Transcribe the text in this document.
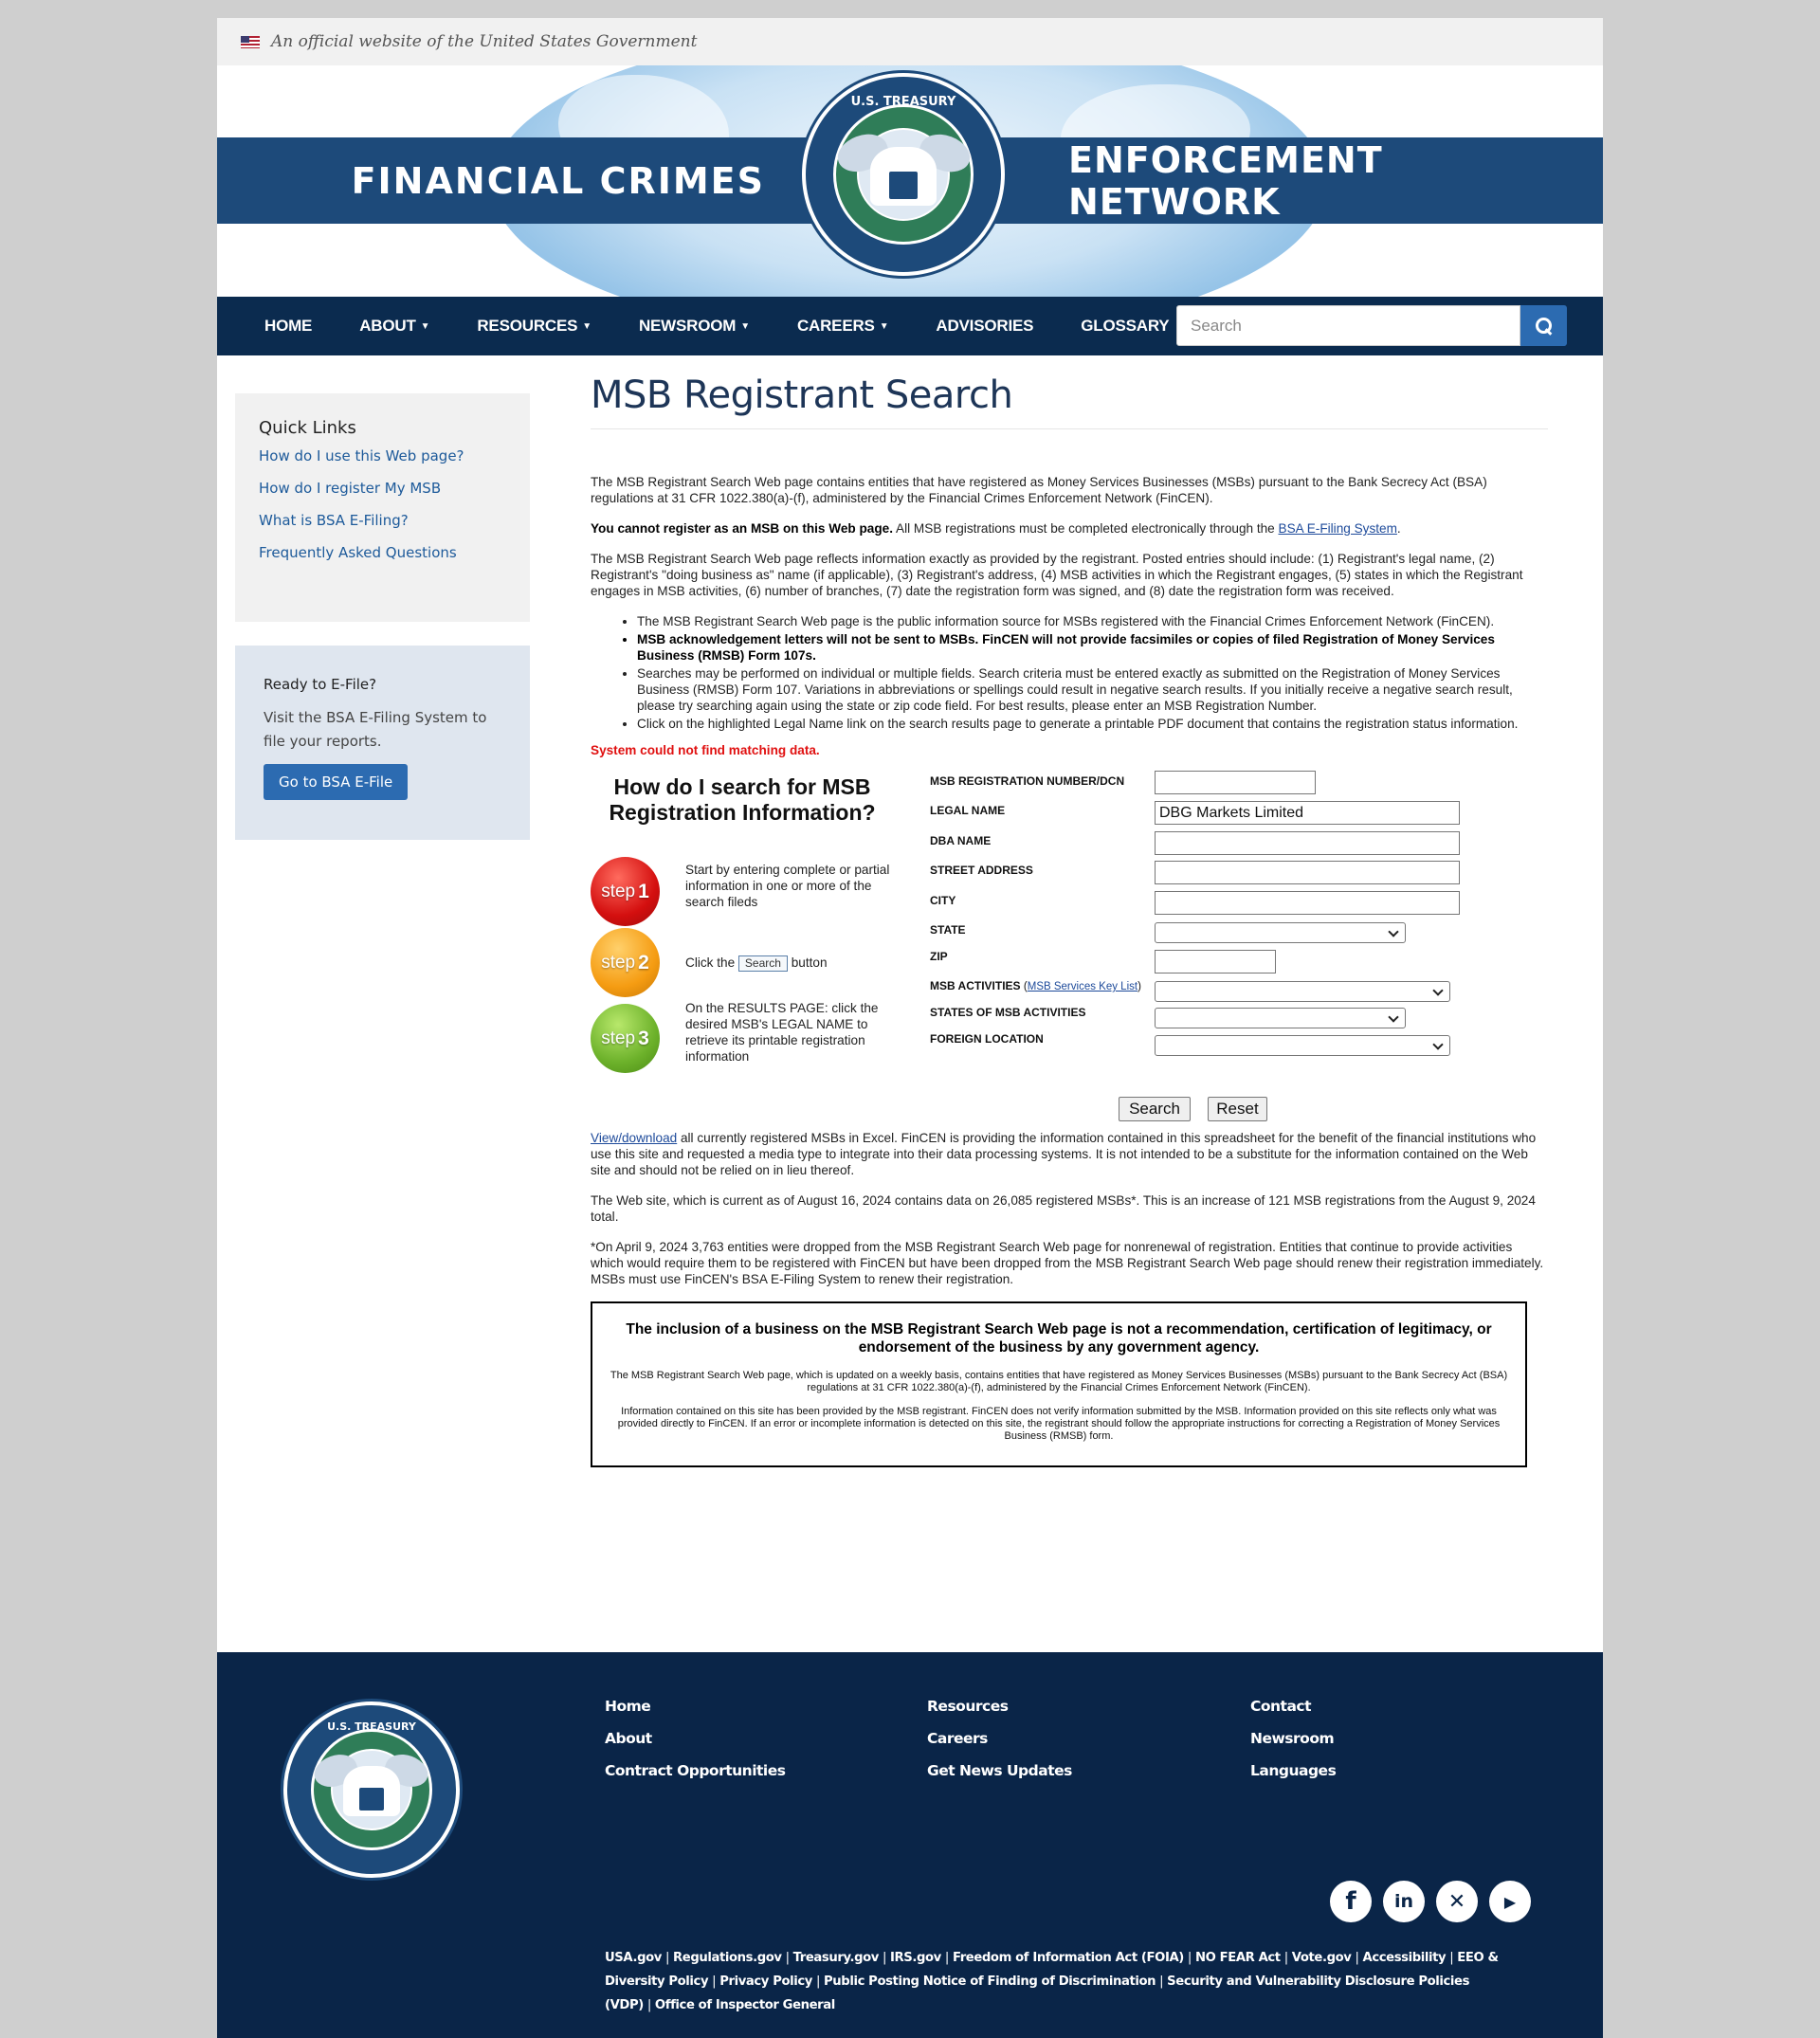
An official website of the United States Government
FINANCIAL CRIMES	ENFORCEMENT NETWORK
U.S. TREASURY
HOME	ABOUT ▼	RESOURCES ▼	NEWSROOM ▼	CAREERS ▼	ADVISORIES	GLOSSARY	Search
Quick Links
How do I use this Web page?
How do I register My MSB
What is BSA E-Filing?
Frequently Asked Questions
Ready to E-File?

Visit the BSA E-Filing System to file your reports.

Go to BSA E-File
MSB Registrant Search

The MSB Registrant Search Web page contains entities that have registered as Money Services Businesses (MSBs) pursuant to the Bank Secrecy Act (BSA) regulations at 31 CFR 1022.380(a)-(f), administered by the Financial Crimes Enforcement Network (FinCEN).

You cannot register as an MSB on this Web page. All MSB registrations must be completed electronically through the BSA E-Filing System.

The MSB Registrant Search Web page reflects information exactly as provided by the registrant. Posted entries should include: (1) Registrant's legal name, (2) Registrant's "doing business as" name (if applicable), (3) Registrant's address, (4) MSB activities in which the Registrant engages, (5) states in which the Registrant engages in MSB activities, (6) number of branches, (7) date the registration form was signed, and (8) date the registration form was received.

• The MSB Registrant Search Web page is the public information source for MSBs registered with the Financial Crimes Enforcement Network (FinCEN).
• MSB acknowledgement letters will not be sent to MSBs. FinCEN will not provide facsimiles or copies of filed Registration of Money Services Business (RMSB) Form 107s.
• Searches may be performed on individual or multiple fields. Search criteria must be entered exactly as submitted on the Registration of Money Services Business (RMSB) Form 107. Variations in abbreviations or spellings could result in negative search results. If you initially receive a negative search result, please try searching again using the state or zip code field. For best results, please enter an MSB Registration Number.
• Click on the highlighted Legal Name link on the search results page to generate a printable PDF document that contains the registration status information.
System could not find matching data.
How do I search for MSB Registration Information?
step 1
Start by entering complete or partial information in one or more of the search fileds
step 2	Click the Search button
step 3
On the RESULTS PAGE: click the desired MSB's LEGAL NAME to retrieve its printable registration information
MSB REGISTRATION NUMBER/DCN
LEGAL NAME	DBG Markets Limited
DBA NAME
STREET ADDRESS
CITY
STATE
ZIP
MSB ACTIVITIES (MSB Services Key List)
STATES OF MSB ACTIVITIES
FOREIGN LOCATION
Search	Reset

View/download all currently registered MSBs in Excel. FinCEN is providing the information contained in this spreadsheet for the benefit of the financial institutions who use this site and requested a media type to integrate into their data processing systems. It is not intended to be a substitute for the information contained on the Web site and should not be relied on in lieu thereof.

The Web site, which is current as of August 16, 2024 contains data on 26,085 registered MSBs*. This is an increase of 121 MSB registrations from the August 9, 2024 total.

*On April 9, 2024 3,763 entities were dropped from the MSB Registrant Search Web page for nonrenewal of registration. Entities that continue to provide activities which would require them to be registered with FinCEN but have been dropped from the MSB Registrant Search Web page should renew their registration immediately. MSBs must use FinCEN's BSA E-Filing System to renew their registration.

The inclusion of a business on the MSB Registrant Search Web page is not a recommendation, certification of legitimacy, or endorsement of the business by any government agency.

The MSB Registrant Search Web page, which is updated on a weekly basis, contains entities that have registered as Money Services Businesses (MSBs) pursuant to the Bank Secrecy Act (BSA) regulations at 31 CFR 1022.380(a)-(f), administered by the Financial Crimes Enforcement Network (FinCEN).

Information contained on this site has been provided by the MSB registrant. FinCEN does not verify information submitted by the MSB. Information provided on this site reflects only what was provided directly to FinCEN. If an error or incomplete information is detected on this site, the registrant should follow the appropriate instructions for correcting a Registration of Money Services Business (RMSB) form.

U.S. TREASURY
Home
About
Contract Opportunities
Resources
Careers
Get News Updates
Contact
Newsroom
Languages
f	in	✕	▶
USA.gov | Regulations.gov | Treasury.gov | IRS.gov | Freedom of Information Act (FOIA) | NO FEAR Act | Vote.gov | Accessibility | EEO & Diversity Policy | Privacy Policy | Public Posting Notice of Finding of Discrimination | Security and Vulnerability Disclosure Policies (VDP) | Office of Inspector General
